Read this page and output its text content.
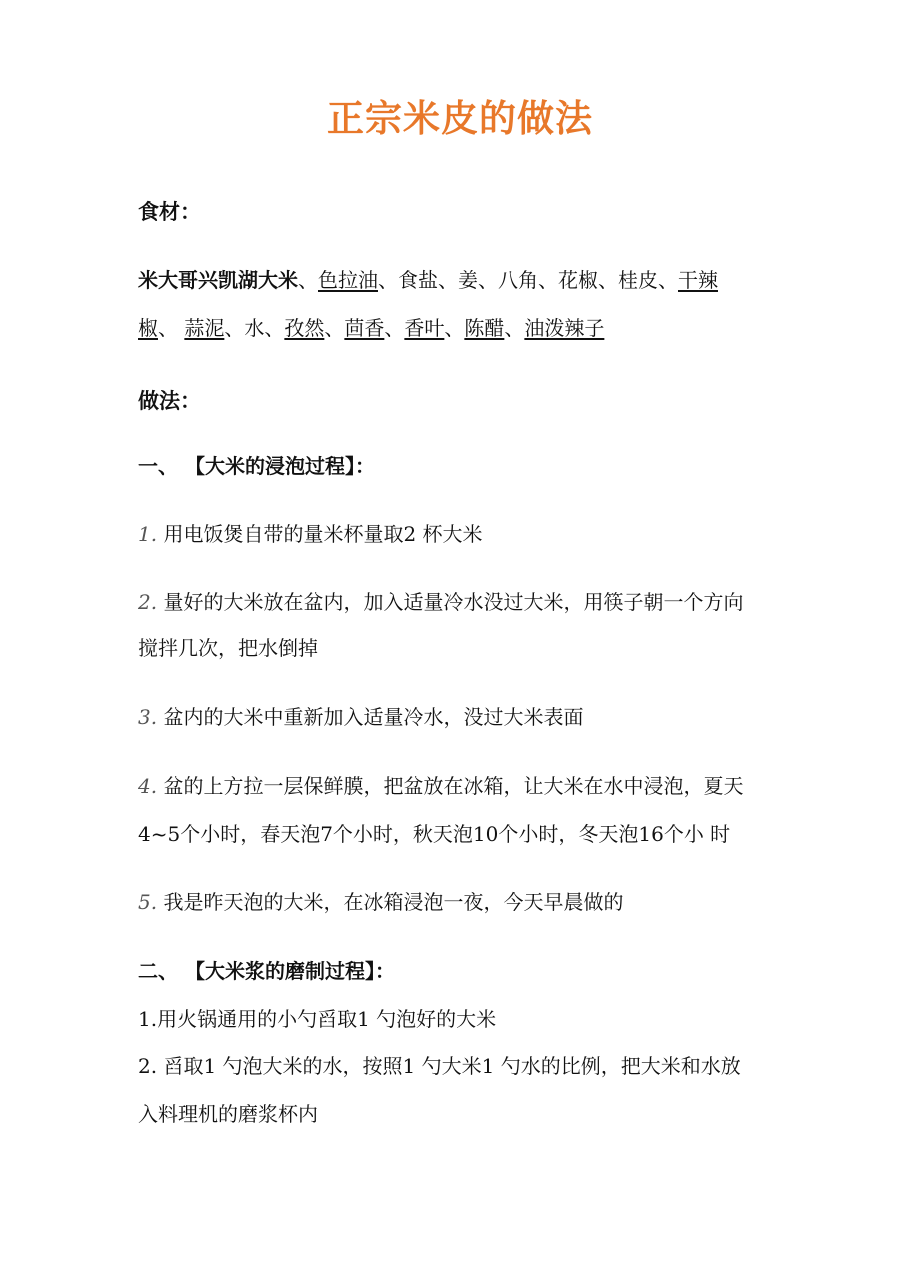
正宗米皮的做法
食材：
米大哥兴凯湖大米、色拉油、食盐、姜、八角、花椒、桂皮、干辣
椒、 蒜泥、水、孜然、茴香、香叶、陈醋、油泼辣子
做法：
一、 【大米的浸泡过程】：
1. 用电饭煲自带的量米杯量取2 杯大米
2. 量好的大米放在盆内，加入适量冷水没过大米，用筷子朝一个方向
搅拌几次，把水倒掉
3. 盆内的大米中重新加入适量冷水，没过大米表面
4. 盆的上方拉一层保鲜膜，把盆放在冰箱，让大米在水中浸泡，夏天
4~5个小时，春天泡7个小时，秋天泡10个小时，冬天泡16个小 时
5. 我是昨天泡的大米，在冰箱浸泡一夜，今天早晨做的
二、 【大米浆的磨制过程】：
1.用火锅通用的小勺舀取1 勺泡好的大米
2. 舀取1 勺泡大米的水，按照1 勺大米1 勺水的比例，把大米和水放
入料理机的磨浆杯内
